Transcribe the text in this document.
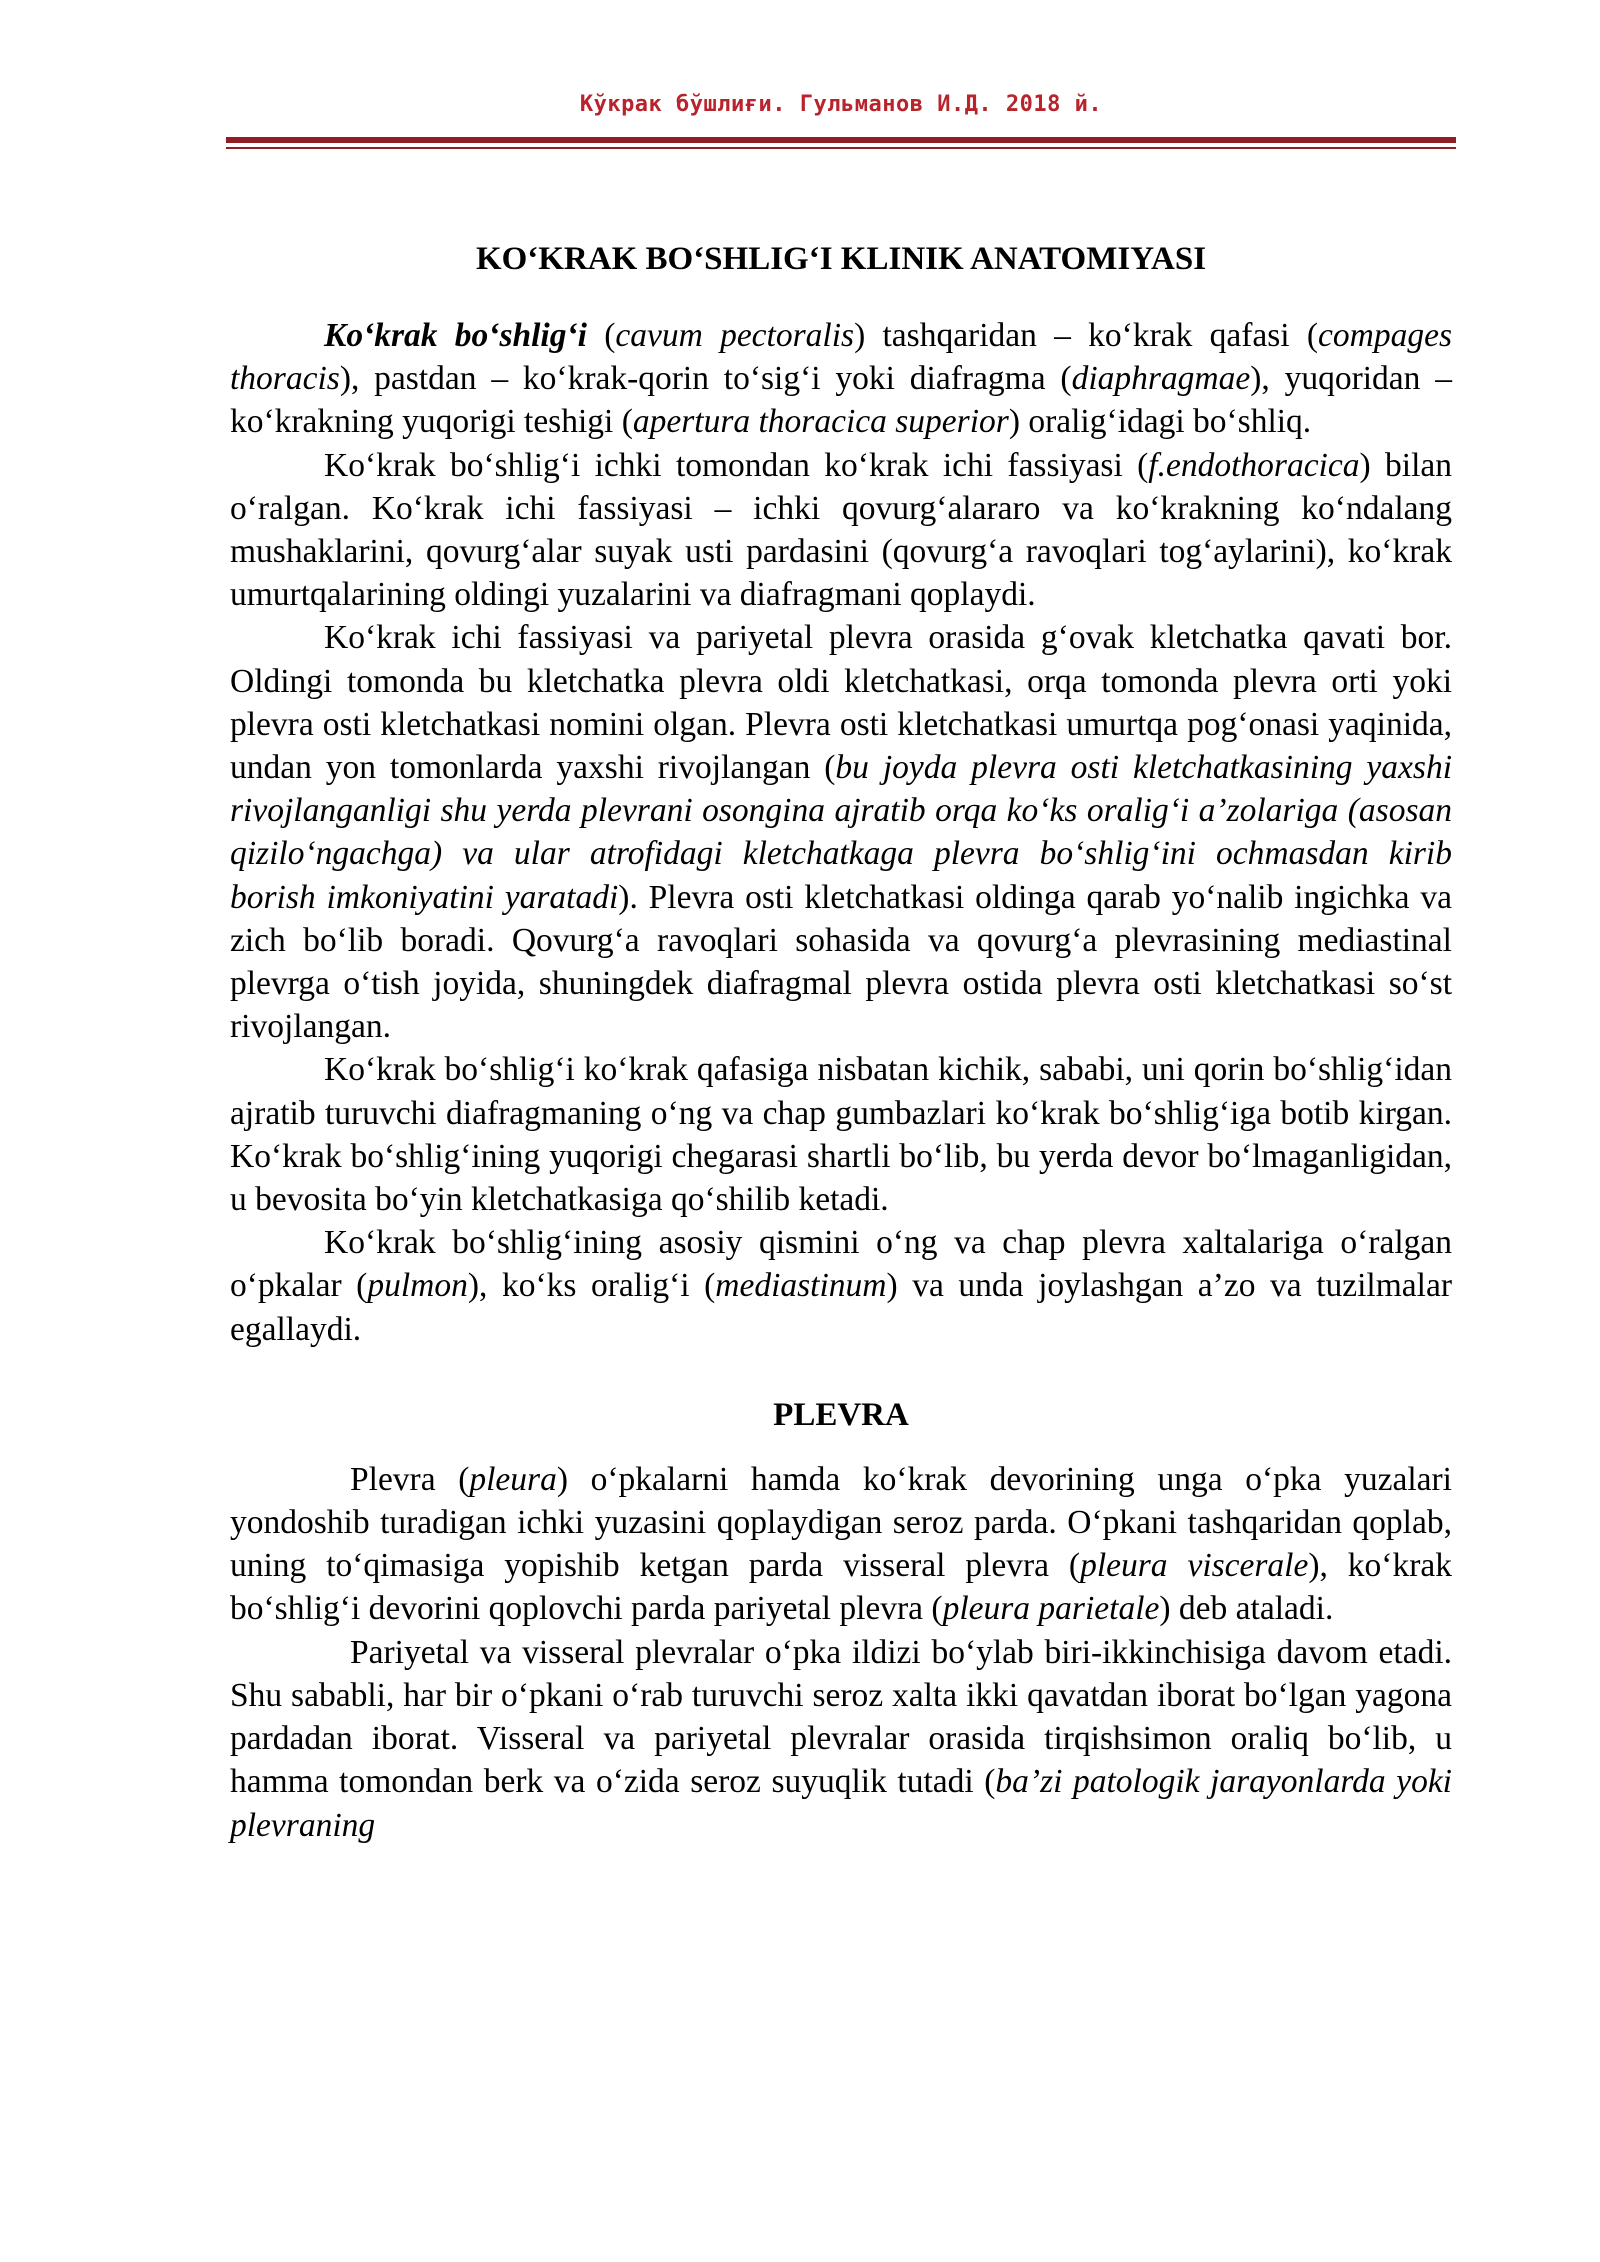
Кўкрак бўшлиғи. Гульманов И.Д. 2018 й.
KO‘KRAK BO‘SHLIG‘I KLINIK ANATOMIYASI

Ko‘krak bo‘shlig‘i (cavum pectoralis) tashqaridan – ko‘krak qafasi (compages thoracis), pastdan – ko‘krak-qorin to‘sig‘i yoki diafragma (diaphragmae), yuqoridan – ko‘krakning yuqorigi teshigi (apertura thoracica superior) oralig‘idagi bo‘shliq.

Ko‘krak bo‘shlig‘i ichki tomondan ko‘krak ichi fassiyasi (f.endothoracica) bilan o‘ralgan. Ko‘krak ichi fassiyasi – ichki qovurg‘alararo va ko‘krakning ko‘ndalang mushaklarini, qovurg‘alar suyak usti pardasini (qovurg‘a ravoqlari tog‘aylarini), ko‘krak umurtqalarining oldingi yuzalarini va diafragmani qoplaydi.

Ko‘krak ichi fassiyasi va pariyetal plevra orasida g‘ovak kletchatka qavati bor. Oldingi tomonda bu kletchatka plevra oldi kletchatkasi, orqa tomonda plevra orti yoki plevra osti kletchatkasi nomini olgan. Plevra osti kletchatkasi umurtqa pog‘onasi yaqinida, undan yon tomonlarda yaxshi rivojlangan (bu joyda plevra osti kletchatkasining yaxshi rivojlanganligi shu yerda plevrani osongina ajratib orqa ko‘ks oralig‘i a’zolariga (asosan qizilo‘ngachga) va ular atrofidagi kletchatkaga plevra bo‘shlig‘ini ochmasdan kirib borish imkoniyatini yaratadi). Plevra osti kletchatkasi oldinga qarab yo‘nalib ingichka va zich bo‘lib boradi. Qovurg‘a ravoqlari sohasida va qovurg‘a plevrasining mediastinal plevrga o‘tish joyida, shuningdek diafragmal plevra ostida plevra osti kletchatkasi so‘st rivojlangan.

Ko‘krak bo‘shlig‘i ko‘krak qafasiga nisbatan kichik, sababi, uni qorin bo‘shlig‘idan ajratib turuvchi diafragmaning o‘ng va chap gumbazlari ko‘krak bo‘shlig‘iga botib kirgan. Ko‘krak bo‘shlig‘ining yuqorigi chegarasi shartli bo‘lib, bu yerda devor bo‘lmaganligidan, u bevosita bo‘yin kletchatkasiga qo‘shilib ketadi.

Ko‘krak bo‘shlig‘ining asosiy qismini o‘ng va chap plevra xaltalariga o‘ralgan o‘pkalar (pulmon), ko‘ks oralig‘i (mediastinum) va unda joylashgan a’zo va tuzilmalar egallaydi.

PLEVRA

Plevra (pleura) o‘pkalarni hamda ko‘krak devorining unga o‘pka yuzalari yondoshib turadigan ichki yuzasini qoplaydigan seroz parda. O‘pkani tashqaridan qoplab, uning to‘qimasiga yopishib ketgan parda visseral plevra (pleura viscerale), ko‘krak bo‘shlig‘i devorini qoplovchi parda pariyetal plevra (pleura parietale) deb ataladi.

Pariyetal va visseral plevralar o‘pka ildizi bo‘ylab biri-ikkinchisiga davom etadi. Shu sababli, har bir o‘pkani o‘rab turuvchi seroz xalta ikki qavatdan iborat bo‘lgan yagona pardadan iborat. Visseral va pariyetal plevralar orasida tirqishsimon oraliq bo‘lib, u hamma tomondan berk va o‘zida seroz suyuqlik tutadi (ba’zi patologik jarayonlarda yoki plevraning
